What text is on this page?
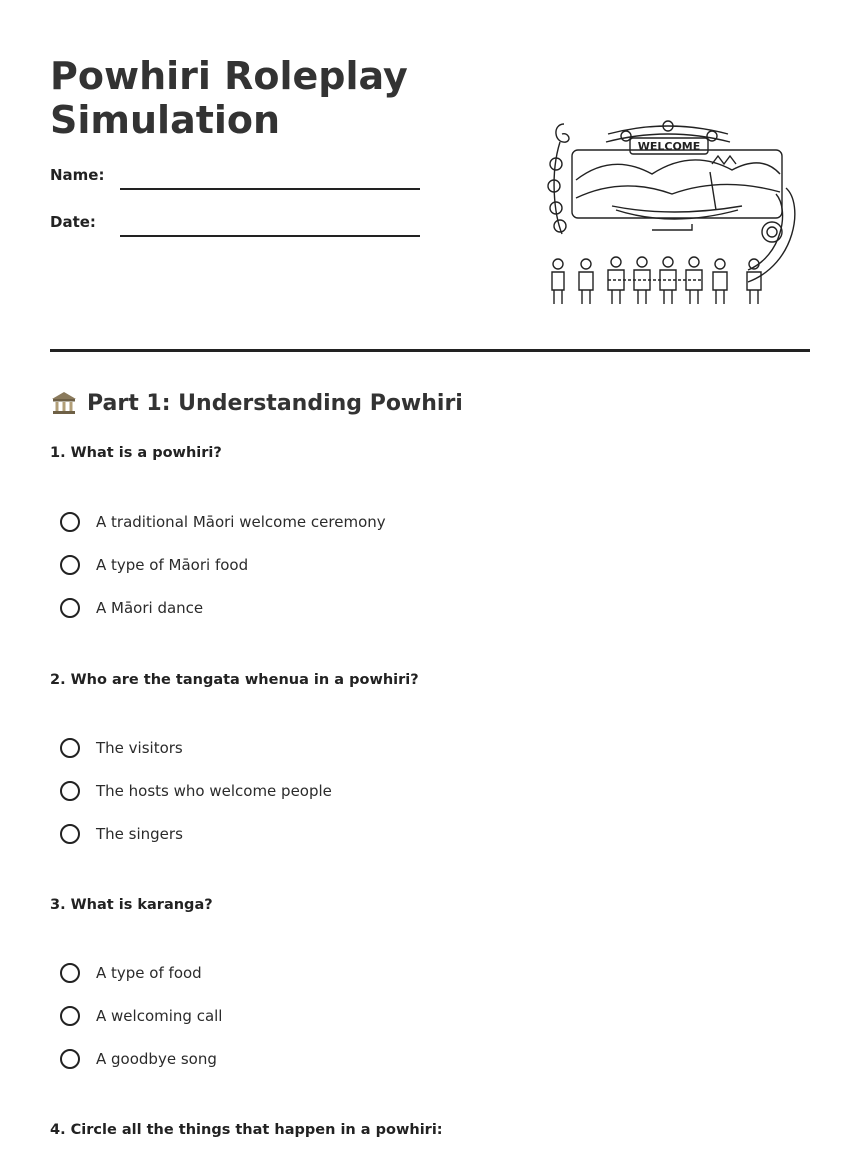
Powhiri Roleplay Simulation
Name:
Date:
WELCOME
Part 1: Understanding Powhiri

1. What is a powhiri?

A traditional Māori welcome ceremony
A type of Māori food
A Māori dance

2. Who are the tangata whenua in a powhiri?

The visitors
The hosts who welcome people
The singers

3. What is karanga?

A type of food
A welcoming call
A goodbye song

4. Circle all the things that happen in a powhiri:
